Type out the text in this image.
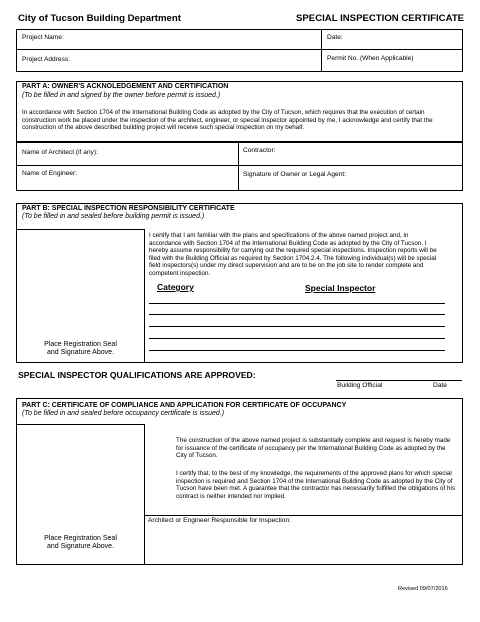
City of Tucson Building Department	SPECIAL INSPECTION CERTIFICATE
Project Name:	Date:
Project Address:	Permit No. (When Applicable)
PART A: OWNER'S ACKNOLEDGEMENT AND CERTIFICATION
(To be filled in and signed by the owner before permit is issued.)
In accordance with Section 1704 of the International Building Code as adopted by the City of Tucson, which requires that the execution of certain construction work be placed under the inspection of the architect, engineer, or special inspector appointed by me, I acknowledge and certify that the construction of the above described building project will receive such special inspection on my behalf.
Name of Architect (if any):	Contractor:
Name of Engineer:	Signature of Owner or Legal Agent:
PART B: SPECIAL INSPECTION RESPONSIBILITY CERTIFICATE
(To be filled in and sealed before building permit is issued.)
Place Registration Seal
and Signature Above.
I certify that I am familiar with the plans and specifications of the above named project and, in accordance with Section 1704 of the International Building Code as adopted by the City of Tucson. I hereby assume responsibility for carrying out the required special inspections. Inspection reports will be filed with the Building Official as required by Section 1704.2.4. The following individual(s) will be special field inspectors(s) under my direct supervision and are to be on the job site to render complete and competent inspection.
Category	Special Inspector
SPECIAL INSPECTOR QUALIFICATIONS ARE APPROVED:
Building Official	Date
PART C: CERTIFICATE OF COMPLIANCE AND APPLICATION FOR CERTIFICATE OF OCCUPANCY
(To be filled in and sealed before occupancy certificate is issued.)
Place Registration Seal
and Signature Above.
The construction of the above named project is substantially complete and request is hereby made for issuance of the certificate of occupancy per the International Building Code as adopted by the City of Tucson.
I certify that, to the best of my knowledge, the requirements of the approved plans for which special inspection is required and Section 1704 of the International Building Code as adopted by the City of Tucson have been met. A guarantee that the contractor has necessarily fulfilled the obligations of his contract is neither intended nor implied.
Architect or Engineer Responsible for Inspection:
Revised 09/07/2016
